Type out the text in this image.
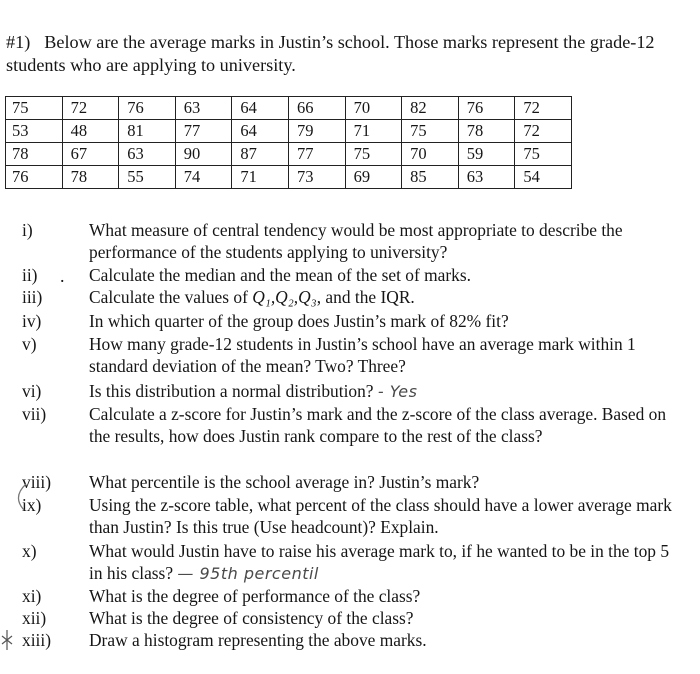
#1) Below are the average marks in Justin’s school. Those marks represent the grade-12 students who are applying to university.
75	72	76	63	64	66	70	82	76	72
53	48	81	77	64	79	71	75	78	72
78	67	63	90	87	77	75	70	59	75
76	78	55	74	71	73	69	85	63	54
i)	What measure of central tendency would be most appropriate to describe the performance of the students applying to university?
ii)	Calculate the median and the mean of the set of marks.
iii)	Calculate the values of Q₁,Q₂,Q₃, and the IQR.
iv)	In which quarter of the group does Justin’s mark of 82% fit?
v)	How many grade-12 students in Justin’s school have an average mark within 1 standard deviation of the mean? Two? Three?
vi)	Is this distribution a normal distribution? - Yes
vii)	Calculate a z-score for Justin’s mark and the z-score of the class average. Based on the results, how does Justin rank compare to the rest of the class?
viii)	What percentile is the school average in? Justin’s mark?
ix)	Using the z-score table, what percent of the class should have a lower average mark than Justin? Is this true (Use headcount)? Explain.
x)	What would Justin have to raise his average mark to, if he wanted to be in the top 5 in his class? — 95th percentil
xi)	What is the degree of performance of the class?
xii)	What is the degree of consistency of the class?
xiii)	Draw a histogram representing the above marks.
.
